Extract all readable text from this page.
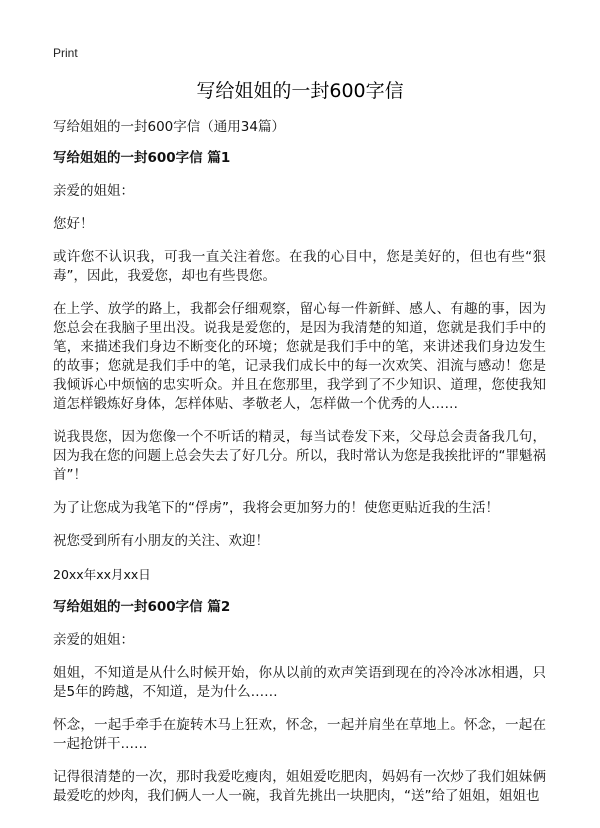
Print
写给姐姐的一封600字信

写给姐姐的一封600字信（通用34篇）

写给姐姐的一封600字信 篇1

亲爱的姐姐：

您好！

或许您不认识我，可我一直关注着您。在我的心目中，您是美好的，但也有些“狠毒”，因此，我爱您，却也有些畏您。

在上学、放学的路上，我都会仔细观察，留心每一件新鲜、感人、有趣的事，因为您总会在我脑子里出没。说我是爱您的，是因为我清楚的知道，您就是我们手中的笔，来描述我们身边不断变化的环境；您就是我们手中的笔，来讲述我们身边发生的故事；您就是我们手中的笔，记录我们成长中的每一次欢笑、泪流与感动！您是我倾诉心中烦恼的忠实听众。并且在您那里，我学到了不少知识、道理，您使我知道怎样锻炼好身体，怎样体贴、孝敬老人，怎样做一个优秀的人……

说我畏您，因为您像一个不听话的精灵，每当试卷发下来，父母总会责备我几句，因为我在您的问题上总会失去了好几分。所以，我时常认为您是我挨批评的“罪魁祸首”！

为了让您成为我笔下的“俘虏”，我将会更加努力的！使您更贴近我的生活！

祝您受到所有小朋友的关注、欢迎！

20xx年xx月xx日

写给姐姐的一封600字信 篇2

亲爱的姐姐：

姐姐，不知道是从什么时候开始，你从以前的欢声笑语到现在的冷冷冰冰相遇，只是5年的跨越，不知道，是为什么……

怀念，一起手牵手在旋转木马上狂欢，怀念，一起并肩坐在草地上。怀念，一起在一起抢饼干……

记得很清楚的一次，那时我爱吃瘦肉，姐姐爱吃肥肉，妈妈有一次炒了我们姐妹俩最爱吃的炒肉，我们俩人一人一碗，我首先挑出一块肥肉，“送”给了姐姐，姐姐也
